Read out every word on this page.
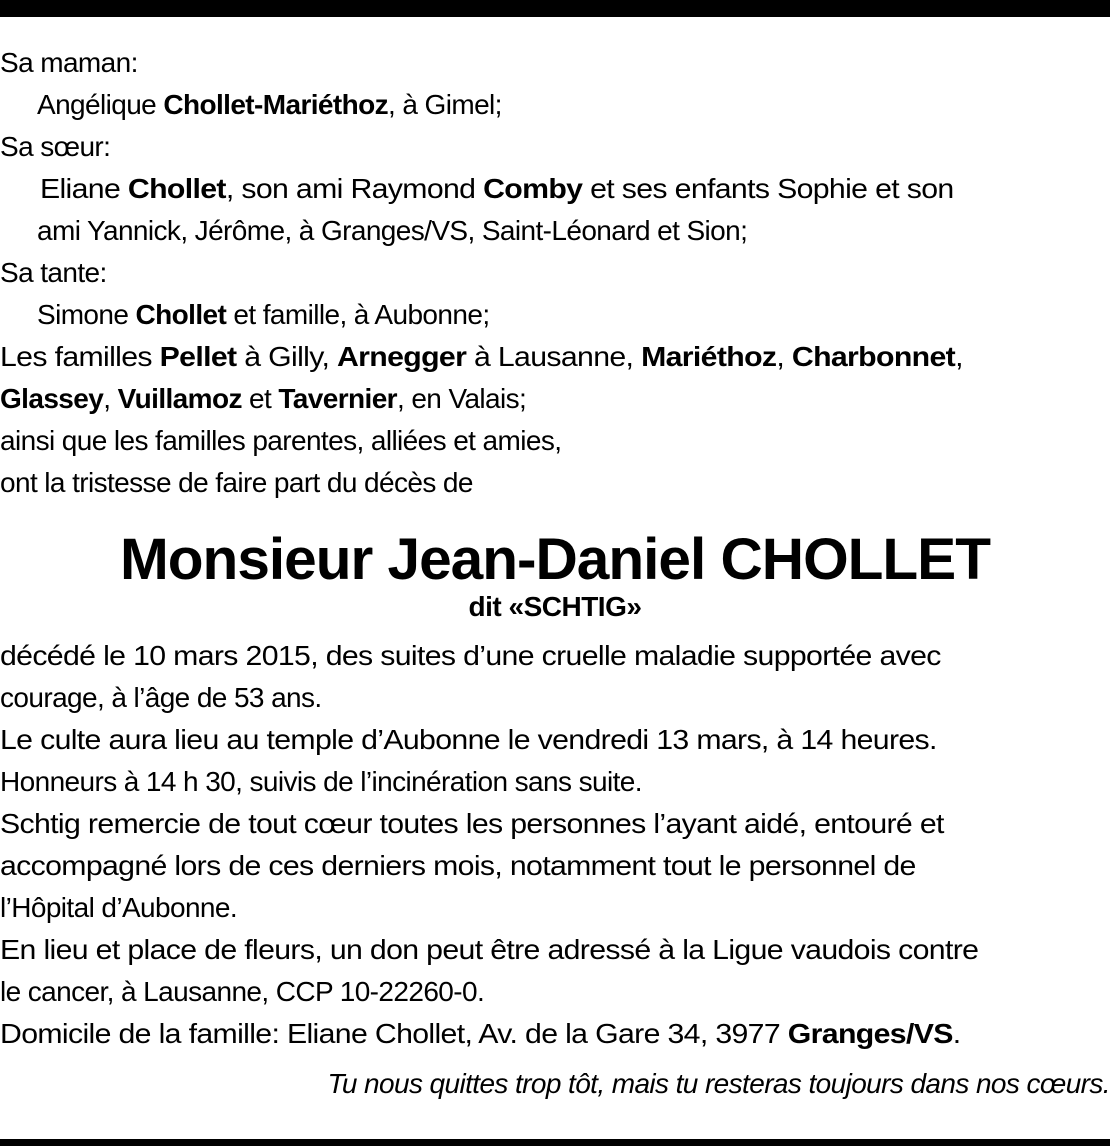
Sa maman:
Angélique Chollet-Mariéthoz, à Gimel;
Sa sœur:
Eliane Chollet, son ami Raymond Comby et ses enfants Sophie et son
ami Yannick, Jérôme, à Granges/VS, Saint-Léonard et Sion;
Sa tante:
Simone Chollet et famille, à Aubonne;
Les familles Pellet à Gilly, Arnegger à Lausanne, Mariéthoz, Charbonnet,
Glassey, Vuillamoz et Tavernier, en Valais;
ainsi que les familles parentes, alliées et amies,
ont la tristesse de faire part du décès de
Monsieur Jean-Daniel CHOLLET
dit «SCHTIG»
décédé le 10 mars 2015, des suites d’une cruelle maladie supportée avec
courage, à l’âge de 53 ans.
Le culte aura lieu au temple d’Aubonne le vendredi 13 mars, à 14 heures.
Honneurs à 14 h 30, suivis de l’incinération sans suite.
Schtig remercie de tout cœur toutes les personnes l’ayant aidé, entouré et
accompagné lors de ces derniers mois, notamment tout le personnel de
l’Hôpital d’Aubonne.
En lieu et place de fleurs, un don peut être adressé à la Ligue vaudois contre
le cancer, à Lausanne, CCP 10-22260-0.
Domicile de la famille: Eliane Chollet, Av. de la Gare 34, 3977 Granges/VS.
Tu nous quittes trop tôt, mais tu resteras toujours dans nos cœurs.
